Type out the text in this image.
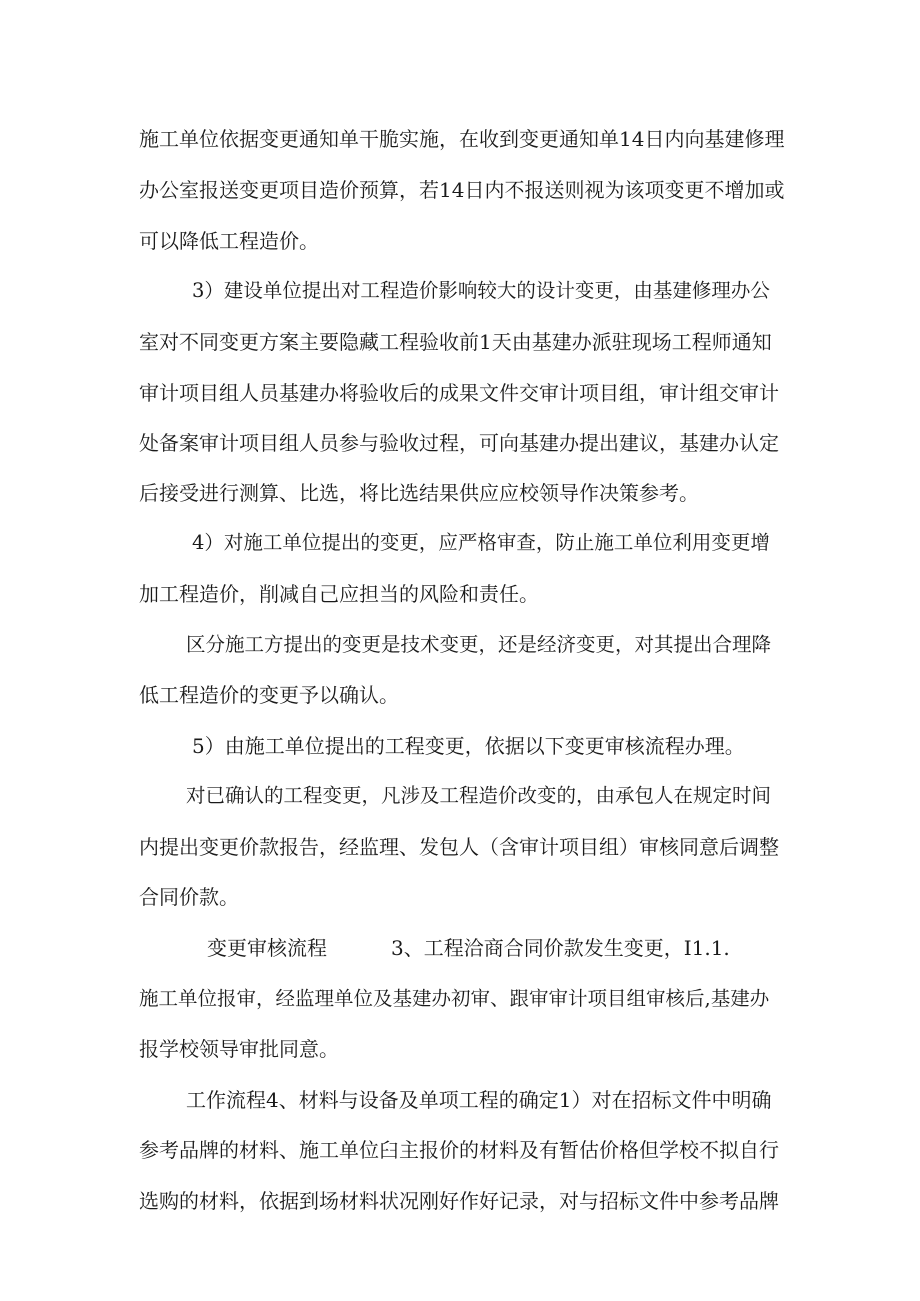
施工单位依据变更通知单干脆实施，在收到变更通知单14日内向基建修理
办公室报送变更项目造价预算，若14日内不报送则视为该项变更不增加或
可以降低工程造价。
3）建设单位提出对工程造价影响较大的设计变更，由基建修理办公
室对不同变更方案主要隐藏工程验收前1天由基建办派驻现场工程师通知
审计项目组人员基建办将验收后的成果文件交审计项目组，审计组交审计
处备案审计项目组人员参与验收过程，可向基建办提出建议，基建办认定
后接受进行测算、比选，将比选结果供应应校领导作决策参考。
4）对施工单位提出的变更，应严格审查，防止施工单位利用变更增
加工程造价，削减自己应担当的风险和责任。
区分施工方提出的变更是技术变更，还是经济变更，对其提出合理降
低工程造价的变更予以确认。
5）由施工单位提出的工程变更，依据以下变更审核流程办理。
对已确认的工程变更，凡涉及工程造价改变的，由承包人在规定时间
内提出变更价款报告，经监理、发包人（含审计项目组）审核同意后调整
合同价款。
变更审核流程	3、工程洽商合同价款发生变更，I1.1.
施工单位报审，经监理单位及基建办初审、跟审审计项目组审核后,基建办
报学校领导审批同意。
工作流程4、材料与设备及单项工程的确定1）对在招标文件中明确
参考品牌的材料、施工单位臼主报价的材料及有暂估价格但学校不拟自行
选购的材料，依据到场材料状况刚好作好记录，对与招标文件中参考品牌
